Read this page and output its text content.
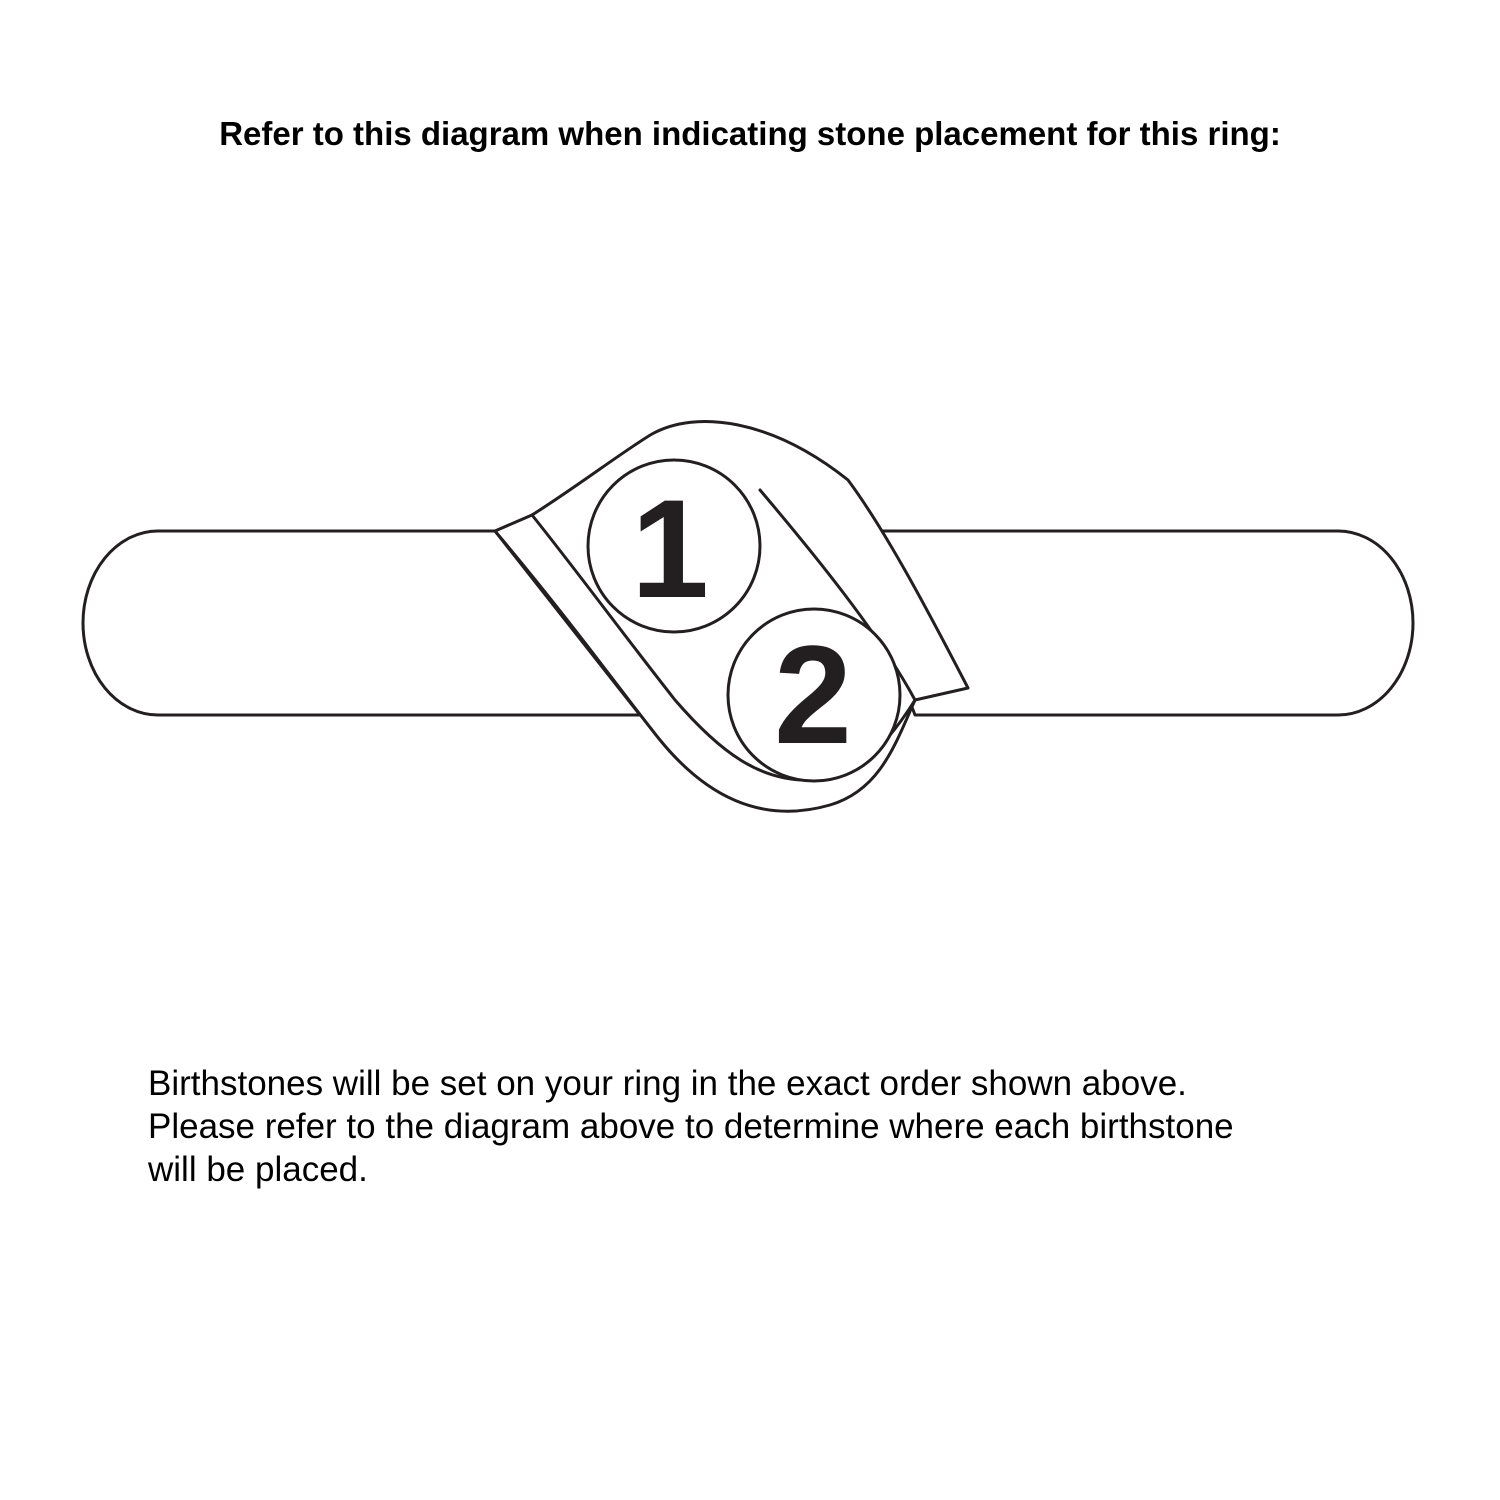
Refer to this diagram when indicating stone placement for this ring:
1
2
Birthstones will be set on your ring in the exact order shown above.
Please refer to the diagram above to determine where each birthstone
will be placed.
